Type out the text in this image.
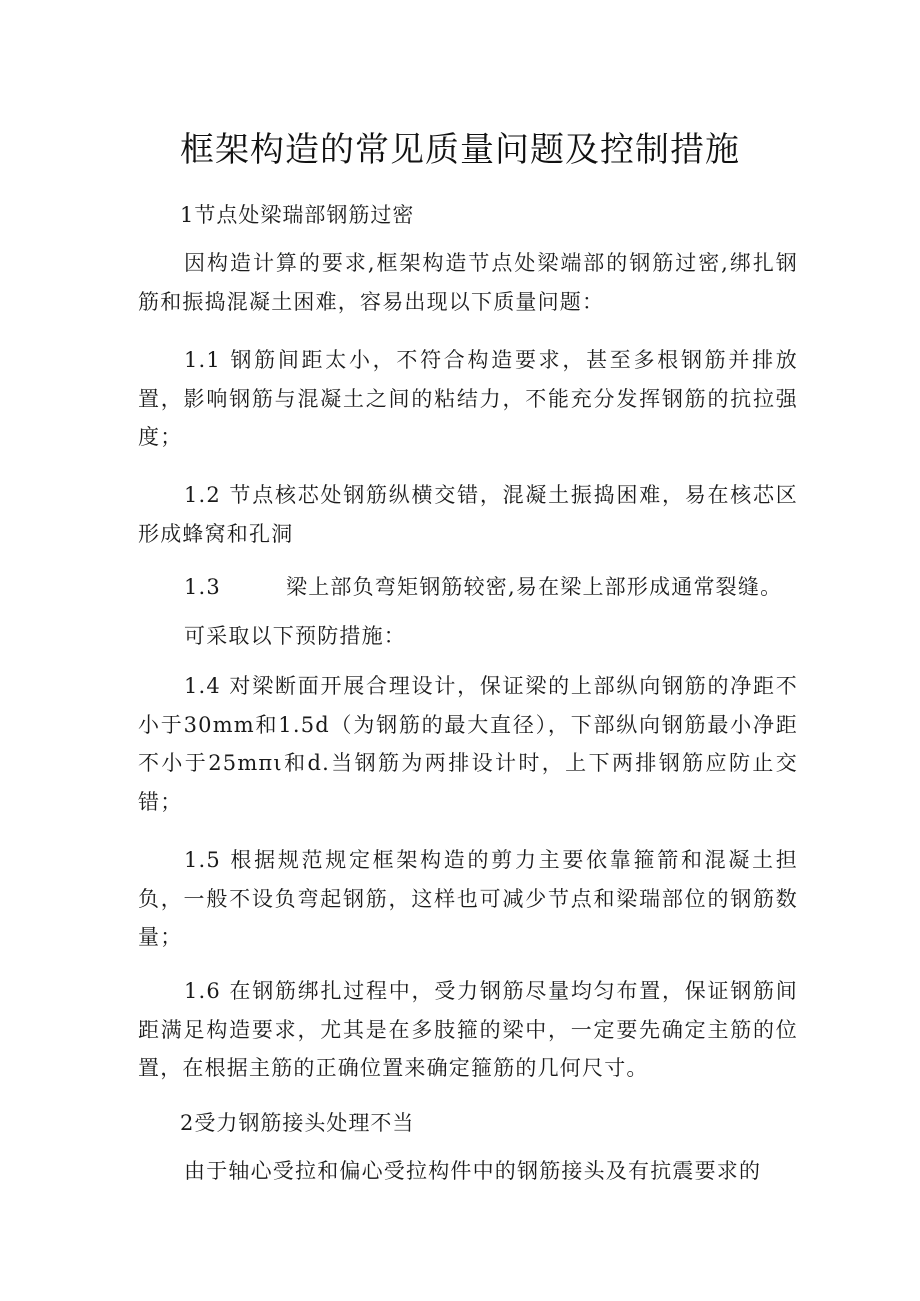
框架构造的常见质量问题及控制措施
1节点处梁瑞部钢筋过密
因构造计算的要求,框架构造节点处梁端部的钢筋过密,绑扎钢筋和振捣混凝土困难，容易出现以下质量问题：
1.1 钢筋间距太小，不符合构造要求，甚至多根钢筋并排放置，影响钢筋与混凝土之间的粘结力，不能充分发挥钢筋的抗拉强度；
1.2 节点核芯处钢筋纵横交错，混凝土振捣困难，易在核芯区形成蜂窝和孔洞
1.3	梁上部负弯矩钢筋较密,易在梁上部形成通常裂缝。
可采取以下预防措施：
1.4 对梁断面开展合理设计，保证梁的上部纵向钢筋的净距不小于30mm和1.5d（为钢筋的最大直径），下部纵向钢筋最小净距不小于25mπι和d.当钢筋为两排设计时，上下两排钢筋应防止交错；
1.5 根据规范规定框架构造的剪力主要依靠箍箭和混凝土担负，一般不设负弯起钢筋，这样也可减少节点和梁瑞部位的钢筋数量；
1.6 在钢筋绑扎过程中，受力钢筋尽量均匀布置，保证钢筋间距满足构造要求，尤其是在多肢箍的梁中，一定要先确定主筋的位置，在根据主筋的正确位置来确定箍筋的几何尺寸。
2受力钢筋接头处理不当
由于轴心受拉和偏心受拉构件中的钢筋接头及有抗震要求的
